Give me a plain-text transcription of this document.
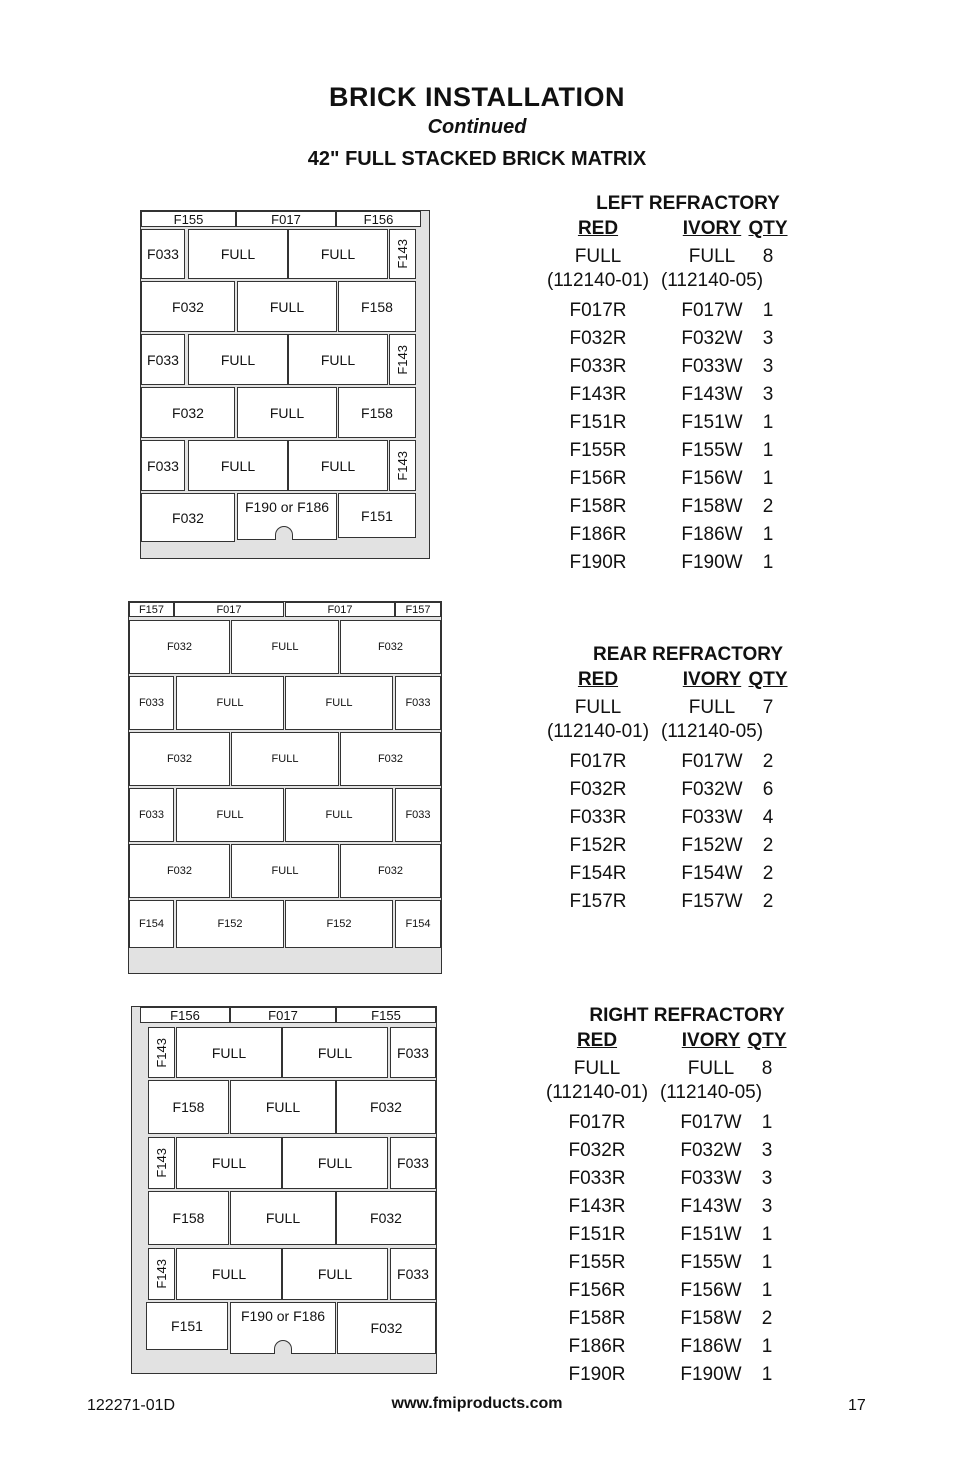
BRICK INSTALLATION
Continued
42" FULL STACKED BRICK MATRIX
F155	F017	F156
F033	FULL	FULL	F143
F032	FULL	F158
F033	FULL	FULL	F143
F032	FULL	F158
F033	FULL	FULL	F143
F032
F190 or F186
F151
F157	F017	F017	F157
F032	FULL	F032
F033	FULL	FULL	F033
F032	FULL	F032
F033	FULL	FULL	F033
F032	FULL	F032
F154	F152	F152	F154
F156	F017	F155
F143	FULL	FULL	F033
F158	FULL	F032
F143	FULL	FULL	F033
F158	FULL	F032
F143	FULL	FULL	F033
F151
F190 or F186
F032
LEFT REFRACTORY
RED	IVORY QTY
FULL	FULL	8
(112140-01) (112140-05)
F017R	F017W	1
F032R	F032W	3
F033R	F033W	3
F143R	F143W	3
F151R	F151W	1
F155R	F155W	1
F156R	F156W	1
F158R	F158W	2
F186R	F186W	1
F190R	F190W	1
REAR REFRACTORY
RED	IVORY QTY
FULL	FULL	7
(112140-01) (112140-05)
F017R	F017W	2
F032R	F032W	6
F033R	F033W	4
F152R	F152W	2
F154R	F154W	2
F157R	F157W	2
RIGHT REFRACTORY
RED	IVORY QTY
FULL	FULL	8
(112140-01) (112140-05)
F017R	F017W	1
F032R	F032W	3
F033R	F033W	3
F143R	F143W	3
F151R	F151W	1
F155R	F155W	1
F156R	F156W	1
F158R	F158W	2
F186R	F186W	1
F190R	F190W	1
122271-01D	www.fmiproducts.com	17
